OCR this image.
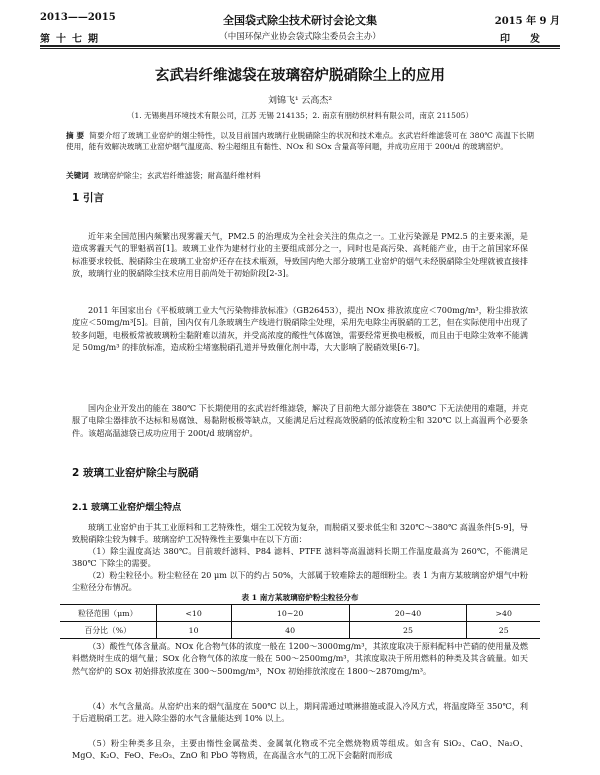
2013——2015
第十七期
全国袋式除尘技术研讨会论文集
（中国环保产业协会袋式除尘委员会主办）
2015 年 9 月
印发
玄武岩纤维滤袋在玻璃窑炉脱硝除尘上的应用
刘锦飞¹ 云高杰²
（1. 无锡奥昌环境技术有限公司，江苏 无锡 214135；2. 南京有朋纺织材料有限公司，南京 211505）
摘 要 简要介绍了玻璃工业窑炉的烟尘特性，以及目前国内玻璃行业脱硝除尘的状况和技术难点。玄武岩纤维滤袋可在 380℃ 高温下长期使用，能有效解决玻璃工业窑炉烟气温度高、粉尘超细且有黏性、NOx 和 SOx 含量高等问题，并成功应用于 200t/d 的玻璃窑炉。
关键词 玻璃窑炉除尘；玄武岩纤维滤袋；耐高温纤维材料
1 引言
近年来全国范围内频繁出现雾霾天气，PM2.5 的治理成为全社会关注的焦点之一。工业污染源是 PM2.5 的主要来源，是造成雾霾天气的罪魁祸首[1]。玻璃工业作为建材行业的主要组成部分之一，同时也是高污染、高耗能产业，由于之前国家环保标准要求较低、脱硝除尘在玻璃工业窑炉还存在技术瓶颈，导致国内绝大部分玻璃工业窑炉的烟气未经脱硝除尘处理就被直接排放，玻璃行业的脱硝除尘技术应用目前尚处于初始阶段[2-3]。
2011 年国家出台《平板玻璃工业大气污染物排放标准》（GB26453），提出 NOx 排放浓度应＜700mg/m³，粉尘排放浓度应＜50mg/m³[5]。目前，国内仅有几条玻璃生产线进行脱硝除尘处理，采用先电除尘再脱硝的工艺，但在实际使用中出现了较多问题，电极板常被玻璃粉尘黏附难以清灰，并受高浓度的酸性气体腐蚀，需要经常更换电极板，而且由于电除尘效率不能满足 50mg/m³ 的排放标准，造成粉尘堵塞脱硝孔道并导致催化剂中毒，大大影响了脱硝效果[6-7]。
国内企业开发出的能在 380℃ 下长期使用的玄武岩纤维滤袋，解决了目前绝大部分滤袋在 380℃ 下无法使用的难题，并克服了电除尘器排放不达标和易腐蚀、易黏附板极等缺点，又能满足后过程高效脱硝的低浓度粉尘和 320℃ 以上高温两个必要条件。该超高温滤袋已成功应用于 200t/d 玻璃窑炉。
2 玻璃工业窑炉除尘与脱硝
2.1 玻璃工业窑炉烟尘特点
玻璃工业窑炉由于其工业原料和工艺特殊性，烟尘工况较为复杂，而脱硝又要求低尘和 320℃～380℃ 高温条件[5-9]，导致脱硝除尘较为棘手。玻璃窑炉工况特殊性主要集中在以下方面：
（1）除尘温度高达 380℃。目前玻纤滤料、P84 滤料、PTFE 滤料等高温滤料长期工作温度最高为 260℃，不能满足 380℃ 下除尘的需要。
（2）粉尘粒径小。粉尘粒径在 20 μm 以下的约占 50%，大部属于较难除去的超细粉尘。表 1 为南方某玻璃窑炉烟气中粉尘粒径分布情况。
表 1 南方某玻璃窑炉粉尘粒径分布
粒径范围（μm）	<10	10~20	20~40	>40
百分比（%）	10	40	25	25
（3）酸性气体含量高。NOx 化合物气体的浓度一般在 1200～3000mg/m³，其浓度取决于原料配料中芒硝的使用量及燃料燃烧时生成的烟气量；SOx 化合物气体的浓度一般在 500～2500mg/m³，其浓度取决于所用燃料的种类及其含硫量。如天然气窑炉的 SOx 初始排放浓度在 300～500mg/m³，NOx 初始排放浓度在 1800～2870mg/m³。
（4）水气含量高。从窑炉出来的烟气温度在 500℃ 以上，期间需通过喷淋措施或混入冷风方式，将温度降至 350℃，利于后道脱硝工艺。进入除尘器的水气含量能达到 10% 以上。
（5）粉尘种类多且杂，主要由惰性金属盐类、金属氧化物或不完全燃烧物质等组成。如含有 SiO₂、CaO、Na₂O、MgO、K₂O、FeO、Fe₂O₃、ZnO 和 PbO 等物质，在高温含水气的工况下会黏附而形成
